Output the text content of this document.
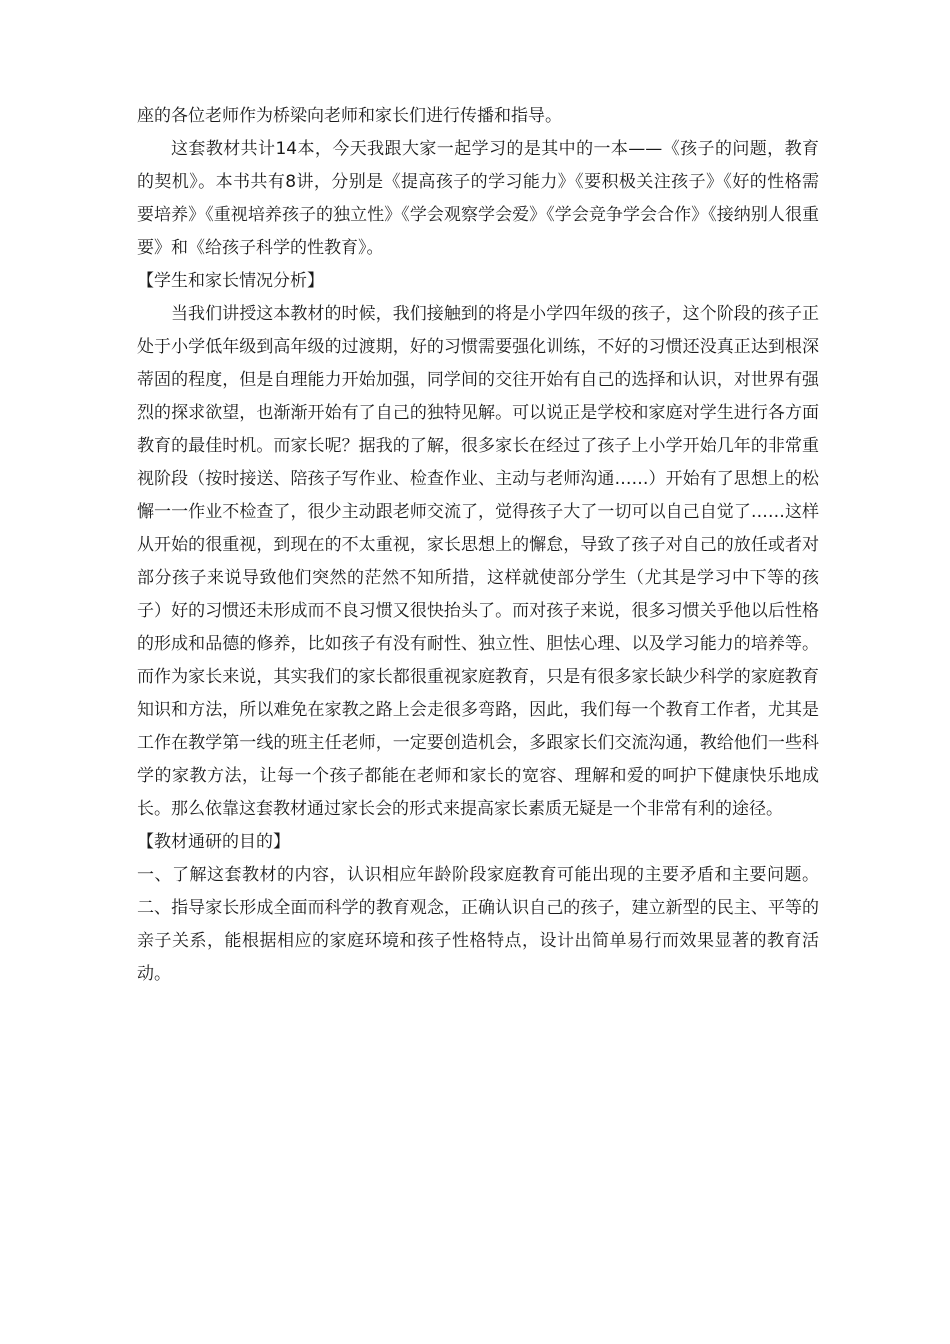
座的各位老师作为桥梁向老师和家长们进行传播和指导。

这套教材共计14本，今天我跟大家一起学习的是其中的一本——《孩子的问题，教育的契机》。本书共有8讲，分别是《提高孩子的学习能力》《要积极关注孩子》《好的性格需要培养》《重视培养孩子的独立性》《学会观察学会爱》《学会竞争学会合作》《接纳别人很重要》和《给孩子科学的性教育》。

【学生和家长情况分析】

当我们讲授这本教材的时候，我们接触到的将是小学四年级的孩子，这个阶段的孩子正处于小学低年级到高年级的过渡期，好的习惯需要强化训练，不好的习惯还没真正达到根深蒂固的程度，但是自理能力开始加强，同学间的交往开始有自己的选择和认识，对世界有强烈的探求欲望，也渐渐开始有了自己的独特见解。可以说正是学校和家庭对学生进行各方面教育的最佳时机。而家长呢？据我的了解，很多家长在经过了孩子上小学开始几年的非常重视阶段（按时接送、陪孩子写作业、检查作业、主动与老师沟通……）开始有了思想上的松懈一一作业不检查了，很少主动跟老师交流了，觉得孩子大了一切可以自己自觉了……这样从开始的很重视，到现在的不太重视，家长思想上的懈怠，导致了孩子对自己的放任或者对部分孩子来说导致他们突然的茫然不知所措，这样就使部分学生（尤其是学习中下等的孩子）好的习惯还未形成而不良习惯又很快抬头了。而对孩子来说，很多习惯关乎他以后性格的形成和品德的修养，比如孩子有没有耐性、独立性、胆怯心理、以及学习能力的培养等。而作为家长来说，其实我们的家长都很重视家庭教育，只是有很多家长缺少科学的家庭教育知识和方法，所以难免在家教之路上会走很多弯路，因此，我们每一个教育工作者，尤其是工作在教学第一线的班主任老师，一定要创造机会，多跟家长们交流沟通，教给他们一些科学的家教方法，让每一个孩子都能在老师和家长的宽容、理解和爱的呵护下健康快乐地成长。那么依靠这套教材通过家长会的形式来提高家长素质无疑是一个非常有利的途径。

【教材通研的目的】

一、了解这套教材的内容，认识相应年龄阶段家庭教育可能出现的主要矛盾和主要问题。二、指导家长形成全面而科学的教育观念，正确认识自己的孩子，建立新型的民主、平等的亲子关系，能根据相应的家庭环境和孩子性格特点，设计出简单易行而效果显著的教育活动。
